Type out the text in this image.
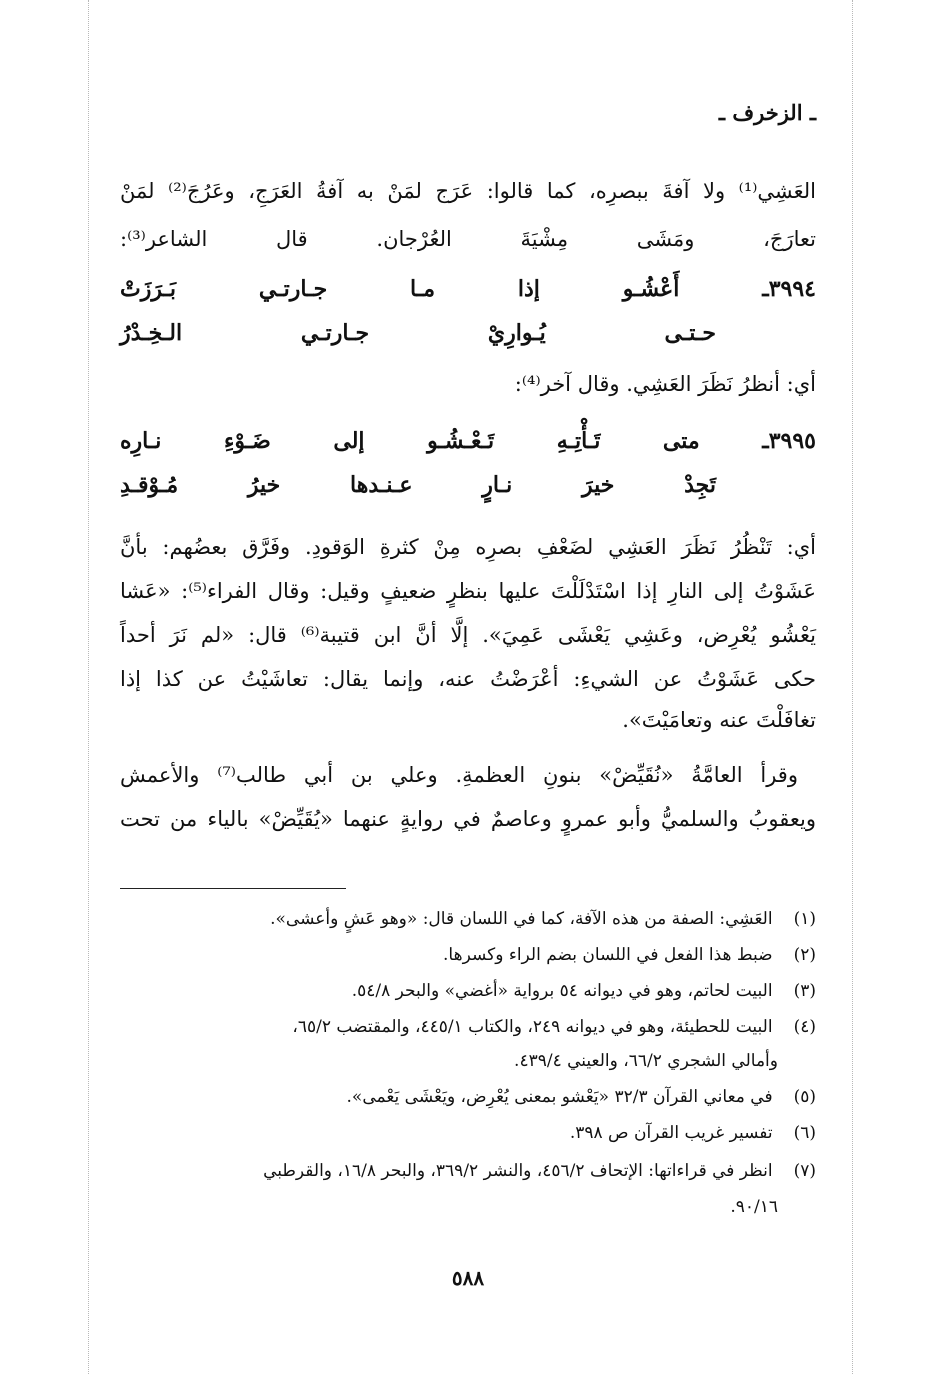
ـ الزخرف ـ
العَشِي⁽¹⁾ ولا آفةَ ببصرِه، كما قالوا: عَرَج لمَنْ به آفةُ العَرَجِ، وعَرُجَ⁽²⁾ لمَنْ
تعارَجَ، ومَشَى مِشْيَةَ العُرْجان. قال الشاعر⁽³⁾:
٣٩٩٤ـ أَعْشُـو إذا مـا جـارتـي بَـرَزَتْ
حـتـى يُـوارِيْ جـارتـي الـخِـدْرُ
أي: أنظرُ نَظَرَ العَشِي. وقال آخر⁽⁴⁾:
٣٩٩٥ـ متى تَـأْتِـهِ تَـعْـشُـو إلى ضَـوْءِ نـارِه
تَجِدْ خيرَ نـارٍ عـنـدها خيرُ مُـوْقـدِ
أي: تَنْظُرُ نَظَرَ العَشِي لضَعْفِ بصرِه مِنْ كثرةِ الوَقودِ. وفَرَّق بعضُهم: بأنَّ
عَشَوْتُ إلى النارِ إذا اسْتَدْلَلْتَ عليها بنظرٍ ضعيفٍ وقيل: وقال الفراء⁽⁵⁾: «عَشا
يَعْشُو يُعْرِض، وعَشِي يَعْشَى عَمِيَ». إلَّا أنَّ ابن قتيبة⁽⁶⁾ قال: «لم نَرَ أحداً
حكى عَشَوْتُ عن الشيءِ: أعْرَضْتُ عنه، وإنما يقال: تعاشَيْتُ عن كذا إذا
تغافَلْتَ عنه وتعامَيْتَ».
وقرأ العامَّةُ «نُقَيِّضْ» بنونِ العظمةِ. وعلي بن أبي طالب⁽⁷⁾ والأعمش
ويعقوبُ والسلميُّ وأبو عمروٍ وعاصمٌ في روايةٍ عنهما «يُقَيِّضْ» بالياء من تحت
(١) العَشِي: الصفة من هذه الآفة، كما في اللسان قال: «وهو عَشٍ وأعشى».
(٢) ضبط هذا الفعل في اللسان بضم الراء وكسرها.
(٣) البيت لحاتم، وهو في ديوانه ٥٤ برواية «أغضي» والبحر ٥٤/٨.
(٤) البيت للحطيئة، وهو في ديوانه ٢٤٩، والكتاب ٤٤٥/١، والمقتضب ٦٥/٢،
وأمالي الشجري ٦٦/٢، والعيني ٤٣٩/٤.
(٥) في معاني القرآن ٣٢/٣ «يَعْشو بمعنى يُعْرِض، ويَعْشَى يَعْمى».
(٦) تفسير غريب القرآن ص ٣٩٨.
(٧) انظر في قراءاتها: الإتحاف ٤٥٦/٢، والنشر ٣٦٩/٢، والبحر ١٦/٨، والقرطبي
٩٠/١٦.
٥٨٨
